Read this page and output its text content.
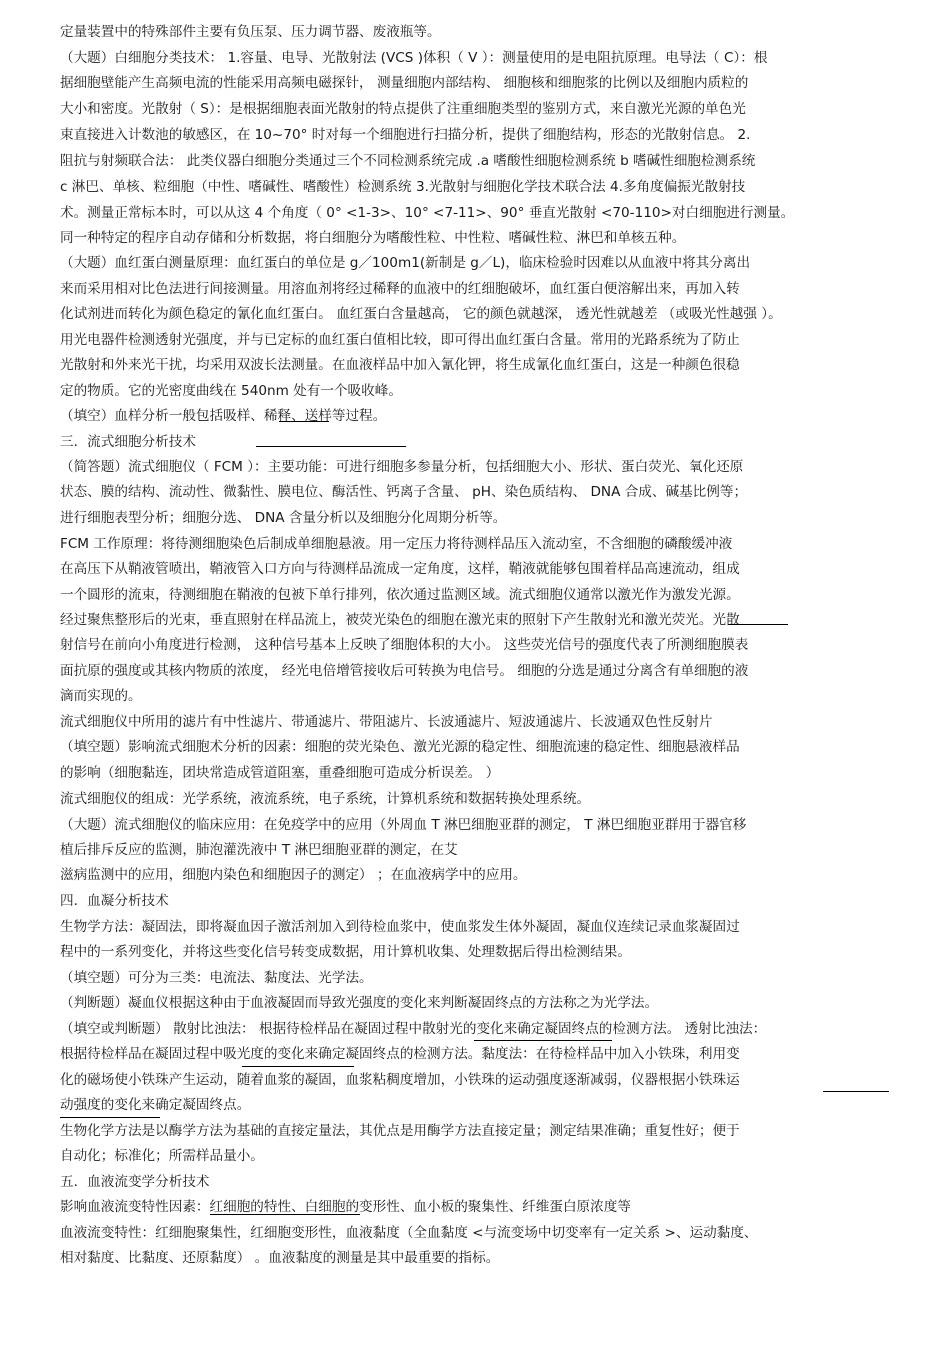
定量装置中的特殊部件主要有负压泵、压力调节器、废液瓶等。
（大题）白细胞分类技术： 1.容量、电导、光散射法 (VCS )体积（ V ）：测量使用的是电阻抗原理。电导法（ C）：根
据细胞壁能产生高频电流的性能采用高频电磁探针， 测量细胞内部结构、 细胞核和细胞浆的比例以及细胞内质粒的
大小和密度。光散射（ S）：是根据细胞表面光散射的特点提供了注重细胞类型的鉴别方式，来自激光光源的单色光
束直接进入计数池的敏感区，在 10~70° 时对每一个细胞进行扫描分析，提供了细胞结构，形态的光散射信息。 2.
阻抗与射频联合法： 此类仪器白细胞分类通过三个不同检测系统完成 .a 嗜酸性细胞检测系统 b 嗜碱性细胞检测系统
c 淋巴、单核、粒细胞（中性、嗜碱性、嗜酸性）检测系统 3.光散射与细胞化学技术联合法 4.多角度偏振光散射技
术。测量正常标本时，可以从这 4 个角度（ 0° <1-3>、10° <7-11>、90° 垂直光散射 <70-110>对白细胞进行测量。
同一种特定的程序自动存储和分析数据，将白细胞分为嗜酸性粒、中性粒、嗜碱性粒、淋巴和单核五种。
（大题）血红蛋白测量原理：血红蛋白的单位是 g／100m1(新制是 g／L)，临床检验时因难以从血液中将其分离出
来而采用相对比色法进行间接测量。用溶血剂将经过稀释的血液中的红细胞破坏，血红蛋白便溶解出来，再加入转
化试剂进而转化为颜色稳定的氰化血红蛋白。 血红蛋白含量越高， 它的颜色就越深， 透光性就越差 （或吸光性越强 ）。
用光电器件检测透射光强度，并与已定标的血红蛋白值相比较，即可得出血红蛋白含量。常用的光路系统为了防止
光散射和外来光干扰，均采用双波长法测量。在血液样品中加入氰化钾，将生成氰化血红蛋白，这是一种颜色很稳
定的物质。它的光密度曲线在 540nm 处有一个吸收峰。
（填空）血样分析一般包括吸样、稀释、送样等过程。
三．流式细胞分析技术
（简答题）流式细胞仪（ FCM ）：主要功能：可进行细胞多参量分析，包括细胞大小、形状、蛋白荧光、氧化还原
状态、膜的结构、流动性、微黏性、膜电位、酶活性、钙离子含量、 pH、染色质结构、 DNA 合成、碱基比例等；
进行细胞表型分析；细胞分选、 DNA 含量分析以及细胞分化周期分析等。
FCM 工作原理：将待测细胞染色后制成单细胞悬液。用一定压力将待测样品压入流动室，不含细胞的磷酸缓冲液
在高压下从鞘液管喷出，鞘液管入口方向与待测样品流成一定角度，这样，鞘液就能够包围着样品高速流动，组成
一个圆形的流束，待测细胞在鞘液的包被下单行排列，依次通过监测区域。流式细胞仪通常以激光作为激发光源。
经过聚焦整形后的光束，垂直照射在样品流上，被荧光染色的细胞在激光束的照射下产生散射光和激光荧光。光散
射信号在前向小角度进行检测， 这种信号基本上反映了细胞体积的大小。 这些荧光信号的强度代表了所测细胞膜表
面抗原的强度或其核内物质的浓度， 经光电倍增管接收后可转换为电信号。 细胞的分选是通过分离含有单细胞的液
滴而实现的。
流式细胞仪中所用的滤片有中性滤片、带通滤片、带阻滤片、长波通滤片、短波通滤片、长波通双色性反射片
（填空题）影响流式细胞术分析的因素：细胞的荧光染色、激光光源的稳定性、细胞流速的稳定性、细胞悬液样品
的影响（细胞黏连，团块常造成管道阻塞，重叠细胞可造成分析误差。 ）
流式细胞仪的组成：光学系统，液流系统，电子系统，计算机系统和数据转换处理系统。
（大题）流式细胞仪的临床应用：在免疫学中的应用（外周血 T 淋巴细胞亚群的测定， T 淋巴细胞亚群用于器官移
植后排斥反应的监测，肺泡灌洗液中 T 淋巴细胞亚群的测定，在艾
滋病监测中的应用，细胞内染色和细胞因子的测定） ；在血液病学中的应用。
四．血凝分析技术
生物学方法：凝固法，即将凝血因子激活剂加入到待检血浆中，使血浆发生体外凝固，凝血仪连续记录血浆凝固过
程中的一系列变化，并将这些变化信号转变成数据，用计算机收集、处理数据后得出检测结果。
（填空题）可分为三类：电流法、黏度法、光学法。
（判断题）凝血仪根据这种由于血液凝固而导致光强度的变化来判断凝固终点的方法称之为光学法。
（填空或判断题） 散射比浊法： 根据待检样品在凝固过程中散射光的变化来确定凝固终点的检测方法。 透射比浊法：
根据待检样品在凝固过程中吸光度的变化来确定凝固终点的检测方法。黏度法：在待检样品中加入小铁珠，利用变
化的磁场使小铁珠产生运动，随着血浆的凝固，血浆粘稠度增加，小铁珠的运动强度逐渐减弱，仪器根据小铁珠运
动强度的变化来确定凝固终点。
生物化学方法是以酶学方法为基础的直接定量法，其优点是用酶学方法直接定量；测定结果准确；重复性好；便于
自动化；标准化；所需样品量小。
五．血液流变学分析技术
影响血液流变特性因素：红细胞的特性、白细胞的变形性、血小板的聚集性、纤维蛋白原浓度等
血液流变特性：红细胞聚集性，红细胞变形性，血液黏度（全血黏度 <与流变场中切变率有一定关系 >、运动黏度、
相对黏度、比黏度、还原黏度） 。血液黏度的测量是其中最重要的指标。
